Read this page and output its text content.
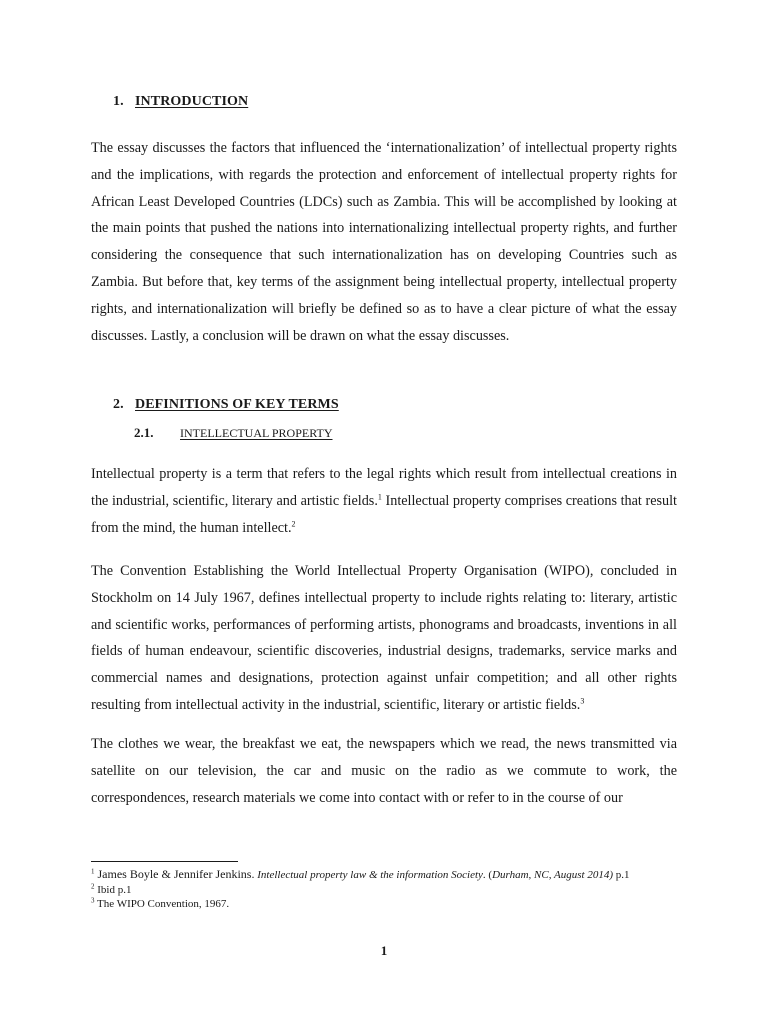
1. INTRODUCTION

The essay discusses the factors that influenced the ‘internationalization’ of intellectual property rights and the implications, with regards the protection and enforcement of intellectual property rights for African Least Developed Countries (LDCs) such as Zambia. This will be accomplished by looking at the main points that pushed the nations into internationalizing intellectual property rights, and further considering the consequence that such internationalization has on developing Countries such as Zambia. But before that, key terms of the assignment being intellectual property, intellectual property rights, and internationalization will briefly be defined so as to have a clear picture of what the essay discusses. Lastly, a conclusion will be drawn on what the essay discusses.

2. DEFINITIONS OF KEY TERMS
2.1. INTELLECTUAL PROPERTY

Intellectual property is a term that refers to the legal rights which result from intellectual creations in the industrial, scientific, literary and artistic fields.$^1$ Intellectual property comprises creations that result from the mind, the human intellect.$^2$

The Convention Establishing the World Intellectual Property Organisation (WIPO), concluded in Stockholm on 14 July 1967, defines intellectual property to include rights relating to: literary, artistic and scientific works, performances of performing artists, phonograms and broadcasts, inventions in all fields of human endeavour, scientific discoveries, industrial designs, trademarks, service marks and commercial names and designations, protection against unfair competition; and all other rights resulting from intellectual activity in the industrial, scientific, literary or artistic fields.$^3$

The clothes we wear, the breakfast we eat, the newspapers which we read, the news transmitted via satellite on our television, the car and music on the radio as we commute to work, the correspondences, research materials we come into contact with or refer to in the course of our

$^1$ James Boyle & Jennifer Jenkins. Intellectual property law & the information Society. (Durham, NC, August 2014) p.1

$^2$ Ibid p.1

$^3$ The WIPO Convention, 1967.

1
